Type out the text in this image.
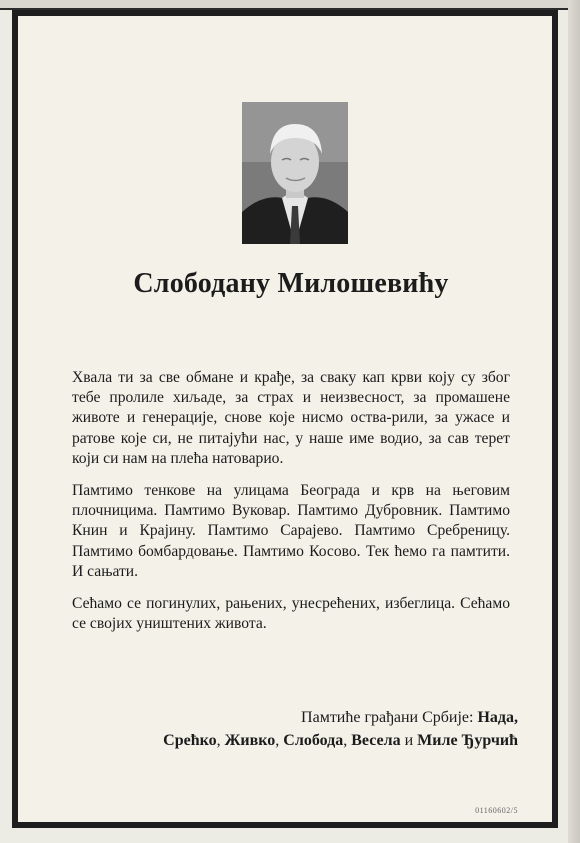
Слободану Милошевићу

Хвала ти за све обмане и крађе, за сваку кап крви коју су због тебе пролиле хиљаде, за страх и неизвесност, за промашене животе и генерације, снове које нисмо оства-рили, за ужасе и ратове које си, не питајући нас, у наше име водио, за сав терет који си нам на плећа натоварио.

Памтимо тенкове на улицама Београда и крв на његовим плочницима. Памтимо Вуковар. Памтимо Дубровник. Памтимо Книн и Крајину. Памтимо Сарајево. Памтимо Сребреницу. Памтимо бомбардовање. Памтимо Косово. Тек ћемо га памтити. И сањати.

Сећамо се погинулих, рањених, унесрећених, избеглица. Сећамо се својих уништених живота.

Памтиће грађани Србије: Нада,
Срећко, Живко, Слобода, Весела и Миле Ђурчић
01160602/5
